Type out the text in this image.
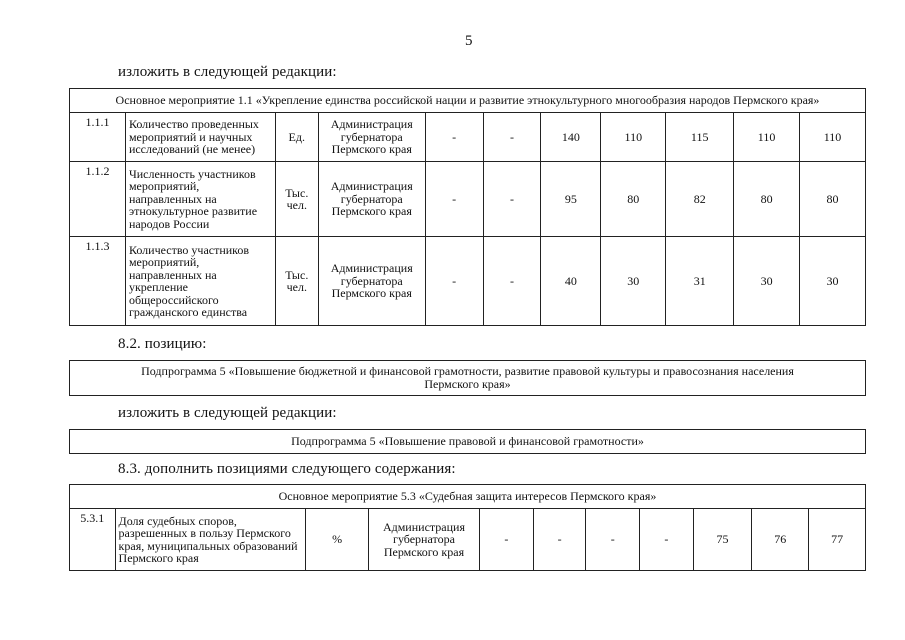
5
изложить в следующей редакции:
Основное мероприятие 1.1 «Укрепление единства российской нации и развитие этнокультурного многообразия народов Пермского края»										
1.1.1	Количество проведенных мероприятий и научных исследований (не менее)	Ед.	Администрация губернатора Пермского края	-	-	140	110	115	110	110
1.1.2	Численность участников мероприятий, направленных на этнокультурное развитие народов России	Тыс. чел.	Администрация губернатора Пермского края	-	-	95	80	82	80	80
1.1.3	Количество участников мероприятий, направленных на укрепление общероссийского гражданского единства	Тыс. чел.	Администрация губернатора Пермского края	-	-	40	30	31	30	30
8.2. позицию:
Подпрограмма 5 «Повышение бюджетной и финансовой грамотности, развитие правовой культуры и правосознания населения
Пермского края»
изложить в следующей редакции:
Подпрограмма 5 «Повышение правовой и финансовой грамотности»
8.3. дополнить позициями следующего содержания:
Основное мероприятие 5.3 «Судебная защита интересов Пермского края»
5.3.1	Доля судебных споров, разрешенных в пользу Пермского края, муниципальных образований Пермского края	%	Администрация губернатора Пермского края	-	-	-	-	75	76	77
